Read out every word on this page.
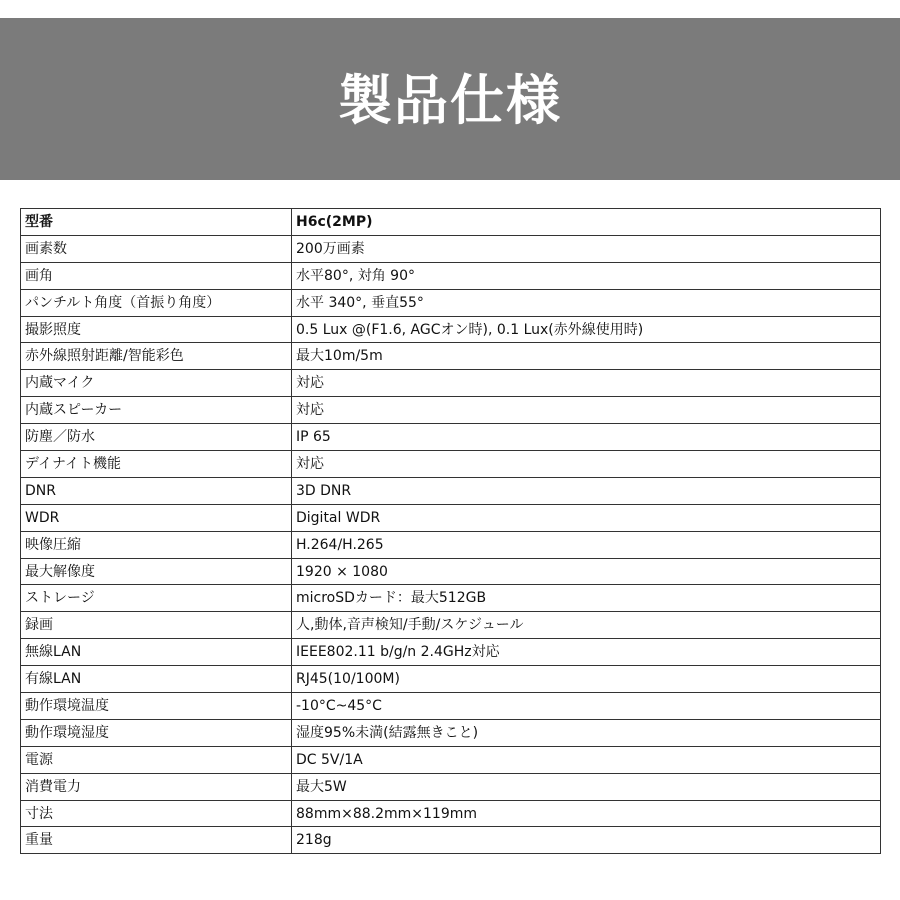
製品仕様
型番	H6c(2MP)
画素数	200万画素
画角	水平80°, 対角 90°
パンチルト角度（首振り角度）	水平 340°, 垂直55°
撮影照度	0.5 Lux @(F1.6, AGCオン時), 0.1 Lux(赤外線使用時)
赤外線照射距離/智能彩色	最大10m/5m
内蔵マイク	対応
内蔵スピーカー	対応
防塵／防水	IP 65
デイナイト機能	対応
DNR	3D DNR
WDR	Digital WDR
映像圧縮	H.264/H.265
最大解像度	1920 × 1080
ストレージ	microSDカード：最大512GB
録画	人,動体,音声検知/手動/スケジュール
無線LAN	IEEE802.11 b/g/n 2.4GHz対応
有線LAN	RJ45(10/100M)
動作環境温度	-10°C~45°C
動作環境湿度	湿度95%未満(結露無きこと)
電源	DC 5V/1A
消費電力	最大5W
寸法	88mm×88.2mm×119mm
重量	218g
